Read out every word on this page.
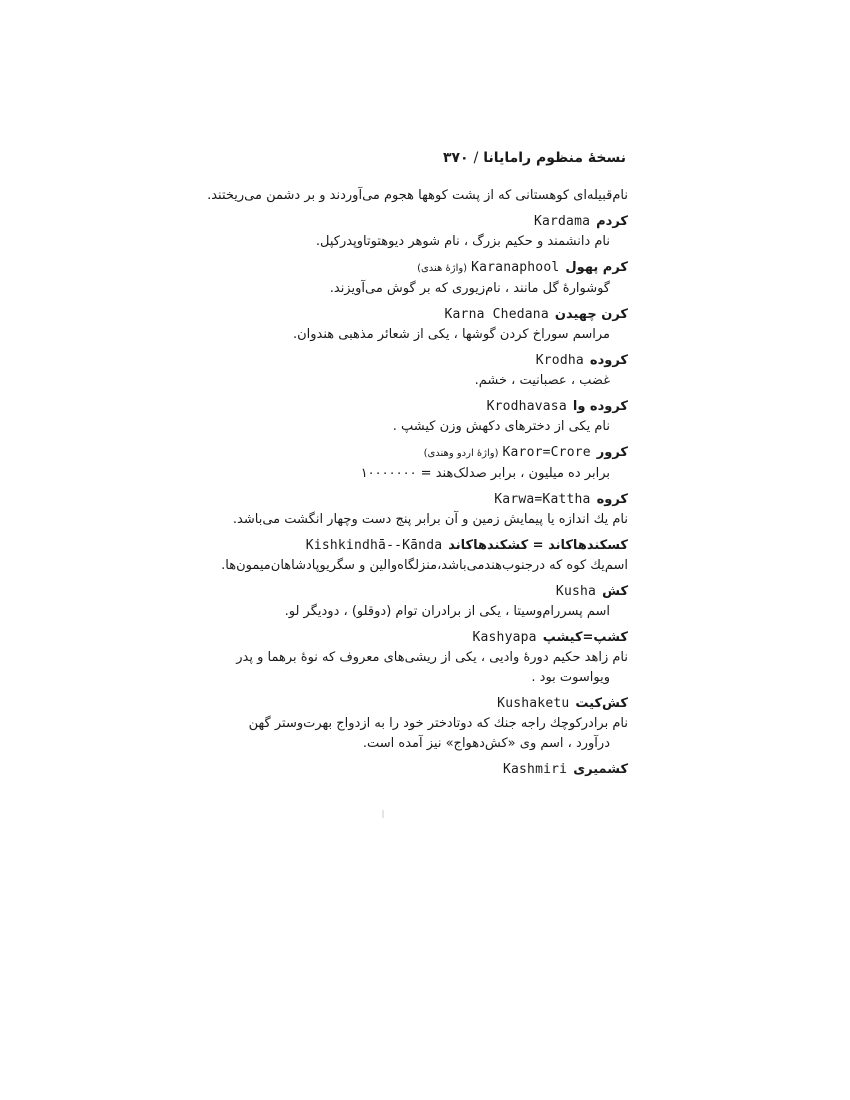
نسخهٔ منظوم رامایانا/۳۷۰
نام‌قبیله‌ای کوهستانی که از پشت کوهها هجوم می‌آوردند و بر دشمن می‌ریختند.
کردمKardama
نام دانشمند و حکیم بزرگ ، نام شوهر دیوهتو‌تاو‌پدر‌کپل.
کرم پهولKaranaphool(واژهٔ هندی)
گوشوارهٔ گل مانند ، نام‌زیوری که بر گوش می‌آویزند.
کرن چهیدنKarna Chedana
مراسم سوراخ کردن گوشها ، یکی از شعائر مذهبی هندوان.
کرودهKrodha
غضب ، عصبانیت ، خشم.
کروده واKrodhavasa
نام یکی از دخترهای دکهش وزن کیشپ .
کرورKaror=Crore(واژهٔ اردو وهندی)
برابر ده میلیون ، برابر صدلک‌هند = ۱۰۰۰۰۰۰۰
کروهKarwa=Kattha
نام یك اندازه یا پیمایش زمین و آن برابر پنج دست وچهار انگشت می‌باشد.
کسکندهاکاند = کشکندهاکاندKishkindhā--Kānda
اسم‌یك کوه که درجنوب‌هندمی‌باشد،منزلگاه‌والین و سگریو‌پادشاهان‌میمون‌ها.
کشKusha
اسم پسررام‌وسیتا ، یکی از برادران توام (دوقلو) ، دودیگر لو.
کشپ=کیشپKashyapa
نام زاهد حکیم دورهٔ وادیی ، یکی از ریشی‌های معروف که نوهٔ برهما و پدر
ویواسوت بود .
کش‌کیتKushaketu
نام برادرکوچك راجه جنك که دوتادختر خود را به ازدواج بهرت‌وستر گهن
درآورد ، اسم وی «کش‌دهواج» نیز آمده است.
کشمیریKashmiri
